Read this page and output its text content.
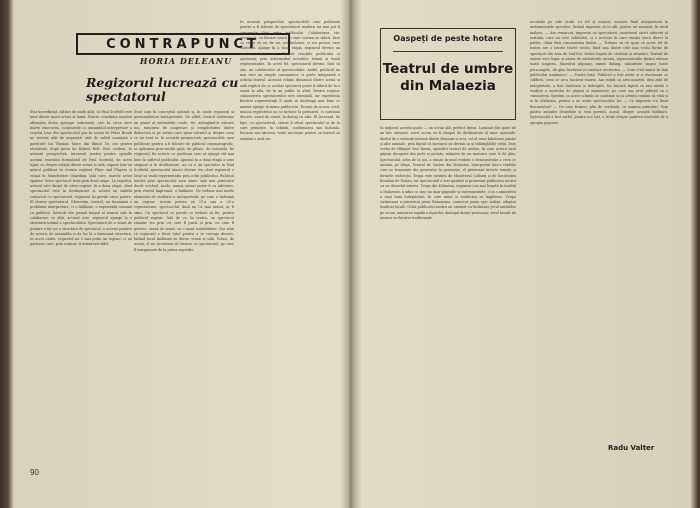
CONTRAPUNCT
HORIA DELEANU
Regizorul lucrează cu spectatorul
Stat încredințat, alături de mulți alții, că Paul Scofield este unul dintre marii actori ai lumii. Pentru conștiința noastră afirmația devin aproape suficientă, căci în circa zece foarte răscrucea, contrastele cu ansamblul interpretare a regelui Lear din spectacolul pus în scenă de Peter Brook ne trecem atât de inspirată, atât de subtil nuanțată a partiturii lui Thomas More din filmul Un om pentru eternitate, după piesa lui Robert Bolt. Este evident, în această perspectivă, interesul nostru pentru opinille acestui teatrului formidabil de Paul Scofield, de acest tipar, cu despre relația dintre scenă și sală, expuse într-un articol publicat în revista engleză Plays and Players și reluat în Manchester Guardian. Iată care, marele artist spunea: Orice spectacol treie prin două etape. La repetiții, actorul este dirijat de către regizor. In a doua etapă, când spectacolul este în desfășurare și actorii au stabilit contactul cu spectatorul, regizorul își pierde orice putere. El devine spectatorul. Observăm, teatrul, nu înseamnă o problemă interpretare, ci o întâlnire, o experiență comună cu publicul. Întrucât din primul timpul al muncii sale în colaborare cu alții, actorul este, regizorul ajunge la o structură intimă a spectacolului. Spectatorii de o seară de primire o fac pe o structură de spectacol, a acestei primire de actorii, de ansamblu și de loc la o frumoasă structură. In acest cadru, regizorul nu e mai puțin un regizor, ci un partener care, prin acțiune, îl urmărește fidel.
Sunt cum în conceptul natural și, în unele regizorul și personalitatea interpretului. De altfel, teatrul totdeauna un punct al seriozității crude, vie, adăugând-și valoare noi, mișcarea de cooperare și complicitatea dintre dialectică și pe artiști care spun talentul și despre ceea ce nu sunt ei. In această perspectivă, spectacolele care publicate pentru a fi folosite de publicul cinematografic, ia aplicarea prea multă grijă, de ploaie, de cuvintele, fie regizorul, fie actorii, cu partitura care să ajungă cât mai bine la sufletul publicului. Ajunsul în a doua etapă a unei stagiuni și în desfășurare, nu cu o un spectator la Paul Scofield, spectacolul atunci devine viu când regizorul e lăsat să vadă reprezentația prin ochii publicului. Publicul înțeles prin spectacolul meu simte sala mai puternică decât oricând. Acolo, numai atunci poate fi cu adevărat, prin efortul împreună, o întâlnire. Ne trebuie mai multe elemente de realitate a interpretării, pe care o îndrumă un regizor. Acesta pentru că 21-a sau a 35-a reprezentare, spectacolul, dacă nu l-a mai aratat, ar fi stins. Un spectacol ce pierde ce trebuie să fie, pentru publicul regizat. Iată de ce, în teatru, un spectacol rămâne viu prin cei care îl joacă și prin cei care îl privesc, seară de seară, cu o nouă sensibilitate. Noi știm că regizorul a făcut totul pentru a se retrage discret, lăsând locul întâlnirii vii dintre scenă și sală. Totuși, de aceea, el nu încetează să lucreze cu spectatorul, pe care îl imaginează de la prima repetiție.
In această perspectivă, spectacolele care publicate pentru a fi folosite de spectatorul modern nu mai pot fi concepute fără grija publicului. Colaborarea vie, reciprocă, cu fiecare seară în care cortina se ridică, face ca regia să nu fie un act încheiat, ci un proces care continuă. Ajunge în a doua etapă, regizorul devine un martor atent, care observă reacțiile publicului și ajustează, prin intermediul actorilor, ritmul și tonul reprezentației. In acest fel, spectatorul devine, fără să știe, un colaborator al spectacolului. Astfel, publicul nu mai este un simplu consumator, ci parte integrantă a actului teatral. Această relație dinamică dintre scenă și sală explică de ce același spectacol poate fi diferit de la o seară la alta, de la un public la altul. Pentru regizor, cunoașterea spectatorului este esențială, iar experiența fiecărei reprezentații îl ajută să înțeleagă mai bine ce anume ajunge la inima publicului. Tocmai de aceea, cred, munca regizorului nu se încheie la premieră, ci continuă discret, seară de seară, în dialog cu sala. El lucrează, de fapt, cu spectatorul, căruia îi oferă spectacolul și de la care primește, în schimb, confirmarea sau îndoiala, bucuria sau tăcerea, toate necesare pentru ca teatrul să rămână o artă vie.
90
Oaspeți de peste hotare
Teatrul de umbre din Malaezia
In mijlocul acestei goale — un ecran alb, perfect întins. Luminat din spate de un bec obișnuit, acest ecran va fi câmpul de desfășurare al unor episoade, duelul de o violență intensă dintre demonii și eroi, cel al unor fabuloase păsări și alte animale, prin faptul că încearcă să devină ca și întâmplările vieții. Este vorba de Hikayat Seri Rama, episodul teatral de umbre, în care actorii sunt păpuși decupate din piele și pictate, mânuite de un maestru care le dă glas. Spectacolul, adus de la noi, a rămas în mod evident o demonstrație a ceea ce numim, pe drept, Teatrul de Umbre din Malaezia. Interpretat într-o tradiție care se transmite din generație în generație, el păstrează intacte temele și formele străvechi. Trupa este invitată de Ministerul Culturii și de Societatea Română de Teatru, iar spectacolul a fost găzduit și prezentat publicului nostru cu un deosebit interes. Trupa din Kelantan, regiunea cea mai bogată în tradiții a Malaeziei, a adus cu sine nu doar păpușile și instrumentele, ci și o atmosferă a unei lumi îndepărtate, în care mitul și realitatea se împletesc. Trupa vizitatoare a prezentat piesa Ramayana, cunoscut poem epic indian, adaptat tradiției locale. Ochii publicului nostru au urmărit cu încântare jocul umbrelor pe ecran, mișcarea rapidă a figurilor, dialogul dintre personaje, totul însoțit de muzica orchestrei tradiționale.
accolade pe cale orală. La fel și muzica, aceasta fiind interpretată la instrumentele specifice, lăsând impresia că te afli, pentru un moment, în satul malaez. — Am remarcat, impresia cu spectatorii, caracterul strict adecvat al textului, care nu cere subtitrări, ci o recitare în care emoția trece direct la public, chiar fără cunoașterea limbii. — Trebuie să vă spun că acest fel de teatru are o istorie foarte veche, fiind una dintre cele mai vechi forme de spectacol din Asia de Sud-Est, strâns legată de credințe și ritualuri. Teatrul de umbre este legat și astăzi de sărbătorile satului, reprezentațiile ținând adesea toată noaptea. Maestrul păpușar, numit dalang, mânuiește singur toate personajele, dă glas fiecăruia și conduce orchestra. — Cum v-ați simțit în fața publicului românesc? — Foarte bine. Publicul a fost atent și a reacționat cu căldură, ceea ce ne-a bucurat enorm. Am simțit că arta noastră, deși atât de îndepărtată, a fost înțeleasă și îndrăgită. Ne bucură faptul că aici există o tradiție a teatrului de păpuși și marionete, pe care am avut prilejul să o cunoaștem. Sperăm ca acest schimb să continue și ca artiștii români să vină și ei în Malaezia, pentru a ne arăta spectacolele lor. — Ce impresie v-a lăsat Bucureștiul? — Un oraș frumos, plin de verdeață, cu oameni primitori. Vom păstra amintiri deosebite și vom povesti, acasă, despre această întâlnire. Spectacolul a fost astfel, pentru noi toți, o lecție despre puterea teatrului de a apropia popoare.
Radu Valter
